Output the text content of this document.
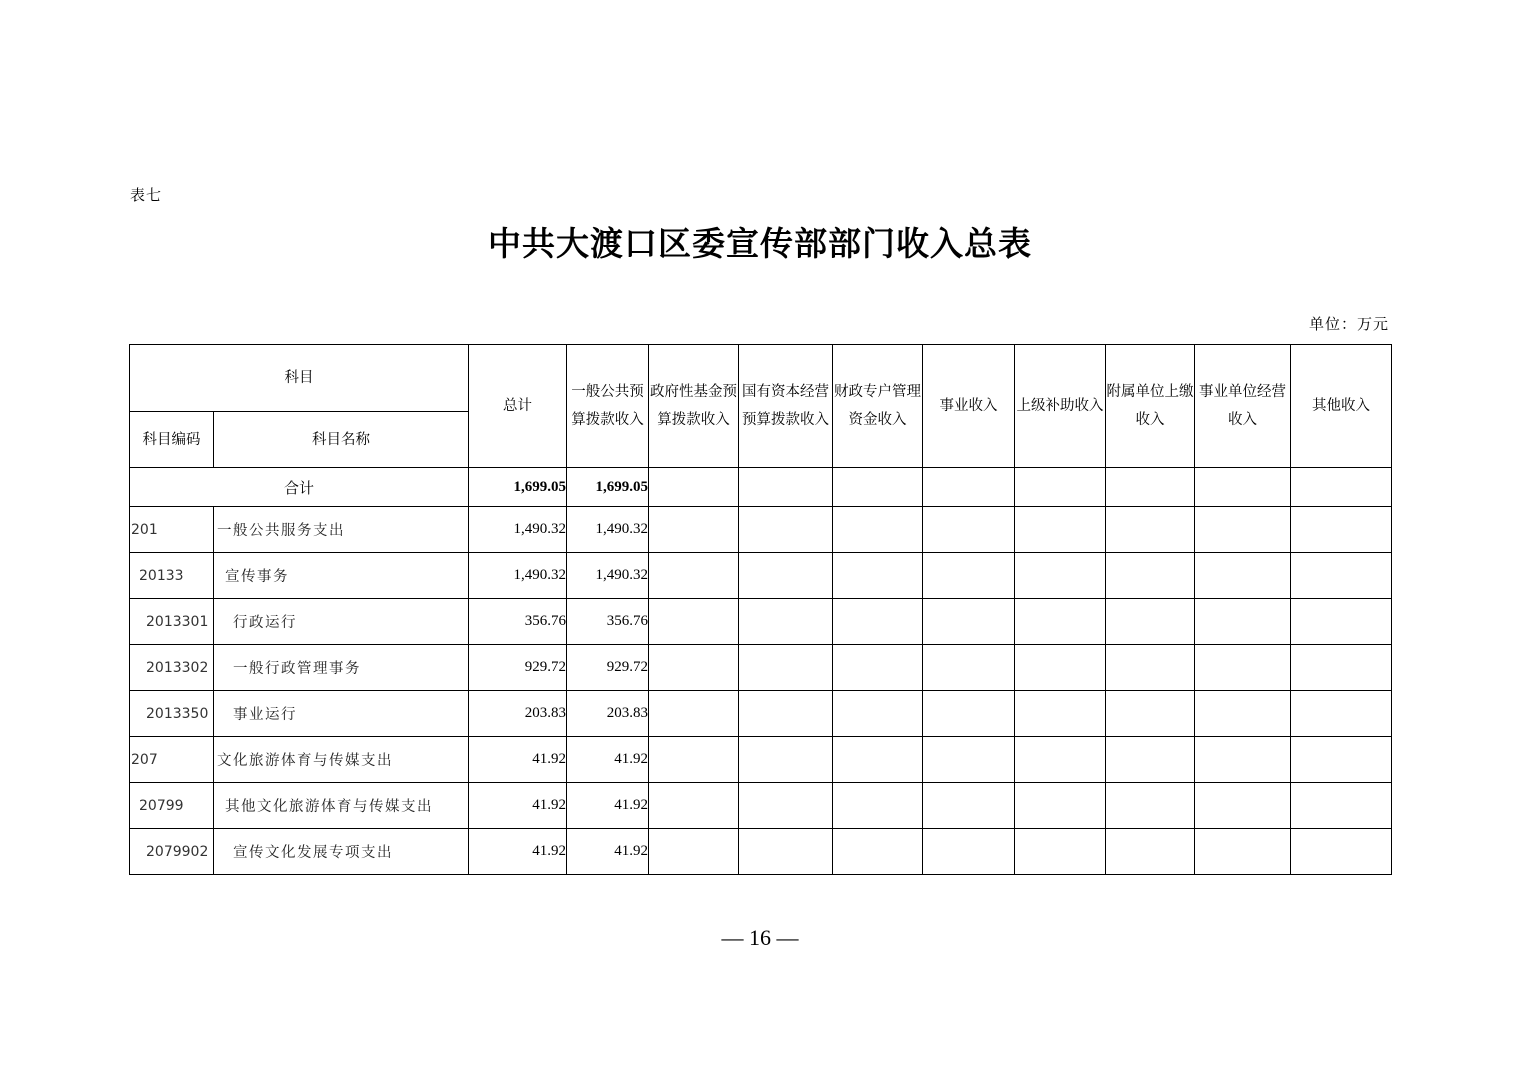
表七
中共大渡口区委宣传部部门收入总表
单位：万元
科目		总计	一般公共预算拨款收入	政府性基金预算拨款收入	国有资本经营预算拨款收入	财政专户管理资金收入	事业收入	上级补助收入	附属单位上缴收入	事业单位经营收入	其他收入
科目编码	科目名称										
合计		1,699.05	1,699.05								
201	一般公共服务支出	1,490.32	1,490.32								
20133	宣传事务	1,490.32	1,490.32								
2013301	行政运行	356.76	356.76								
2013302	一般行政管理事务	929.72	929.72								
2013350	事业运行	203.83	203.83								
207	文化旅游体育与传媒支出	41.92	41.92								
20799	其他文化旅游体育与传媒支出	41.92	41.92								
2079902	宣传文化发展专项支出	41.92	41.92								
— 16 —
